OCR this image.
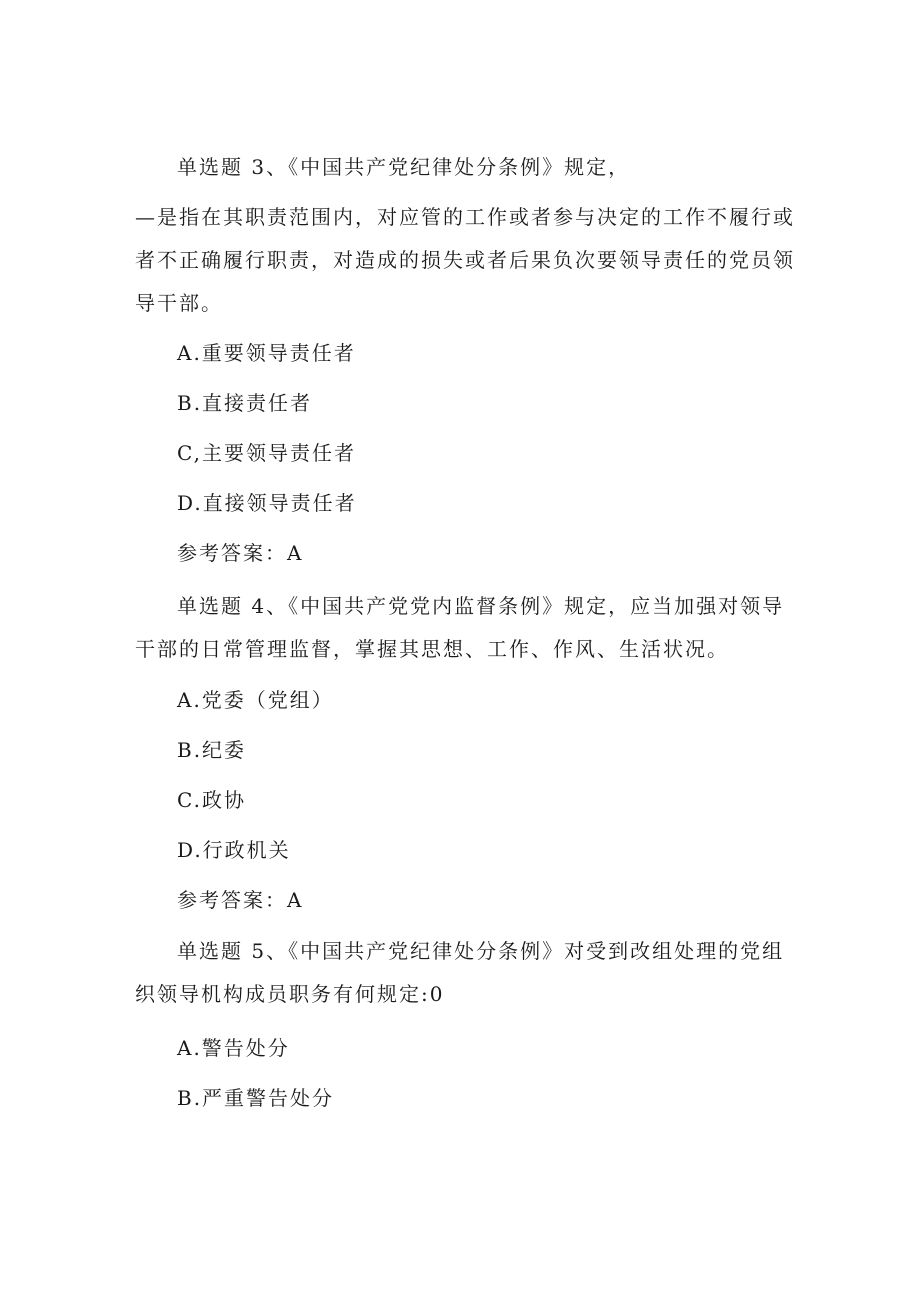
单选题 3、《中国共产党纪律处分条例》规定，
—是指在其职责范围内，对应管的工作或者参与决定的工作不履行或
者不正确履行职责，对造成的损失或者后果负次要领导责任的党员领
导干部。
A.重要领导责任者
B.直接责任者
C,主要领导责任者
D.直接领导责任者
参考答案：A
单选题 4、《中国共产党党内监督条例》规定，应当加强对领导
干部的日常管理监督，掌握其思想、工作、作风、生活状况。
A.党委（党组）
B.纪委
C.政协
D.行政机关
参考答案：A
单选题 5、《中国共产党纪律处分条例》对受到改组处理的党组
织领导机构成员职务有何规定:0
A.警告处分
B.严重警告处分
